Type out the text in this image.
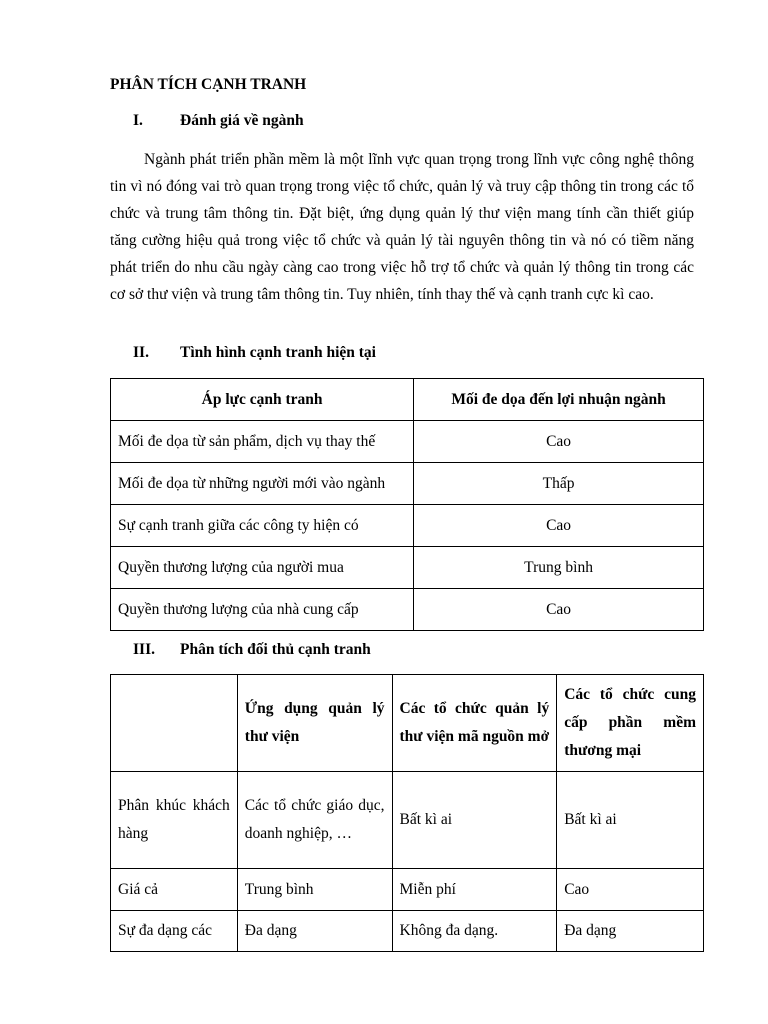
PHÂN TÍCH CẠNH TRANH
I. Đánh giá về ngành
Ngành phát triển phần mềm là một lĩnh vực quan trọng trong lĩnh vực công nghệ thông tin vì nó đóng vai trò quan trọng trong việc tổ chức, quản lý và truy cập thông tin trong các tổ chức và trung tâm thông tin. Đặt biệt, ứng dụng quản lý thư viện mang tính cần thiết giúp tăng cường hiệu quả trong việc tổ chức và quản lý tài nguyên thông tin và nó có tiềm năng phát triển do nhu cầu ngày càng cao trong việc hỗ trợ tổ chức và quản lý thông tin trong các cơ sở thư viện và trung tâm thông tin. Tuy nhiên, tính thay thế và cạnh tranh cực kì cao.
II. Tình hình cạnh tranh hiện tại
Áp lực cạnh tranh	Mối đe dọa đến lợi nhuận ngành
Mối đe dọa từ sản phẩm, dịch vụ thay thế	Cao
Mối đe dọa từ những người mới vào ngành	Thấp
Sự cạnh tranh giữa các công ty hiện có	Cao
Quyền thương lượng của người mua	Trung bình
Quyền thương lượng của nhà cung cấp	Cao
III. Phân tích đối thủ cạnh tranh
	Ứng dụng quản lý thư viện	Các tổ chức quản lý thư viện mã nguồn mở	Các tổ chức cung cấp phần mềm thương mại
Phân khúc khách hàng	Các tổ chức giáo dục, doanh nghiệp, …	Bất kì ai	Bất kì ai
Giá cả	Trung bình	Miễn phí	Cao
Sự đa dạng các	Đa dạng	Không đa dạng.	Đa dạng
